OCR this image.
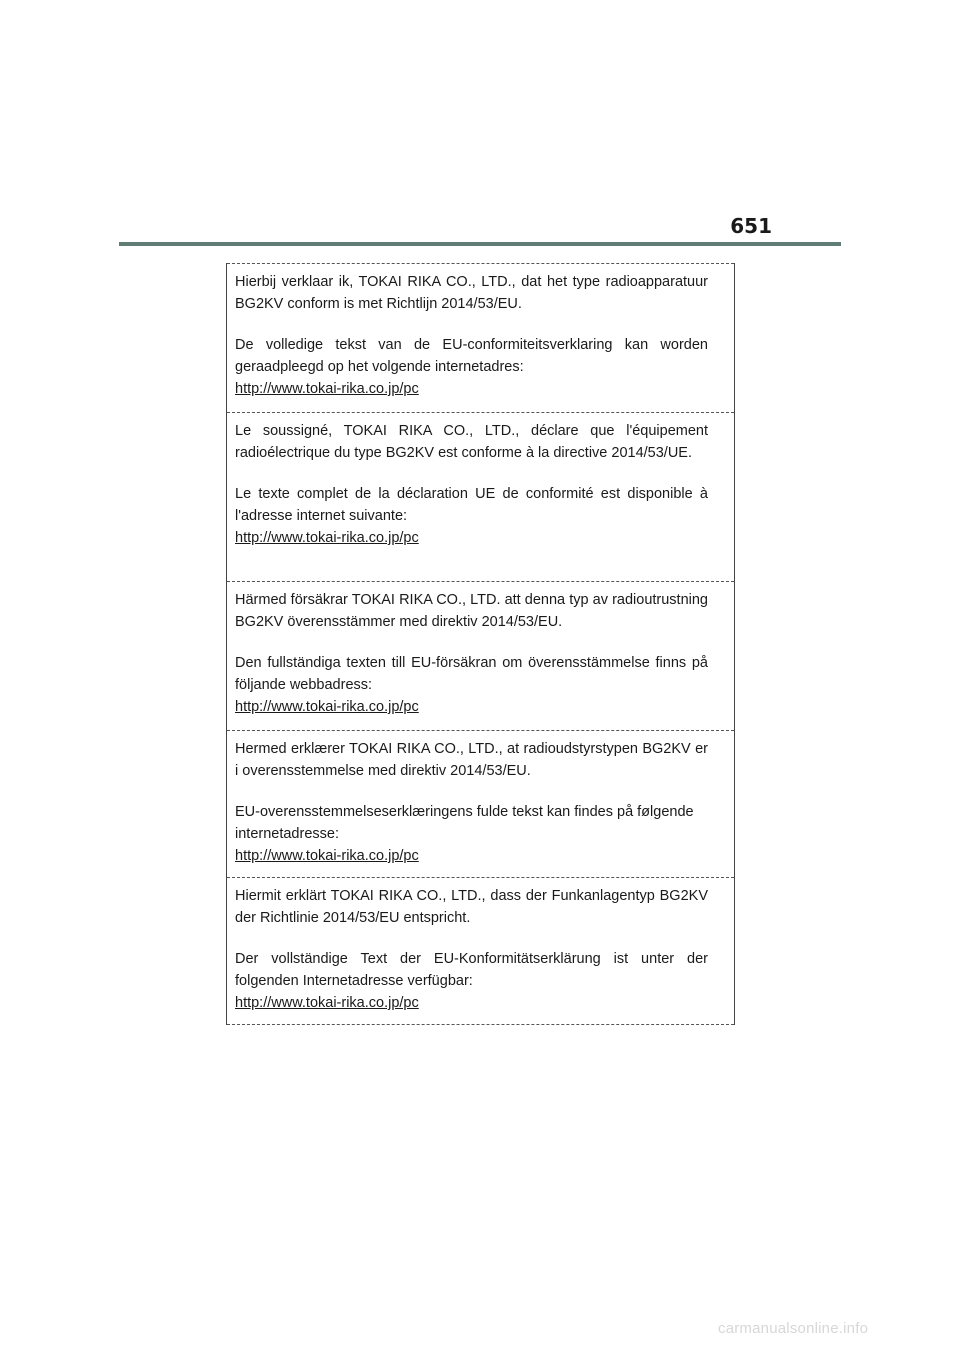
651

Hierbij verklaar ik, TOKAI RIKA CO., LTD., dat het type radioapparatuur BG2KV conform is met Richtlijn 2014/53/EU.

De volledige tekst van de EU-conformiteitsverklaring kan worden geraadpleegd op het volgende internetadres:

http://www.tokai-rika.co.jp/pc

Le soussigné, TOKAI RIKA CO., LTD., déclare que l'équipement radioélectrique du type BG2KV est conforme à la directive 2014/53/UE.

Le texte complet de la déclaration UE de conformité est disponible à l'adresse internet suivante:

http://www.tokai-rika.co.jp/pc

Härmed försäkrar TOKAI RIKA CO., LTD. att denna typ av radioutrustning BG2KV överensstämmer med direktiv 2014/53/EU.

Den fullständiga texten till EU-försäkran om överensstämmelse finns på följande webbadress:

http://www.tokai-rika.co.jp/pc

Hermed erklærer TOKAI RIKA CO., LTD., at radioudstyrstypen BG2KV er i overensstemmelse med direktiv 2014/53/EU.

EU-overensstemmelseserklæringens fulde tekst kan findes på følgende internetadresse:

http://www.tokai-rika.co.jp/pc

Hiermit erklärt TOKAI RIKA CO., LTD., dass der Funkanlagentyp BG2KV der Richtlinie 2014/53/EU entspricht.

Der vollständige Text der EU-Konformitätserklärung ist unter der folgenden Internetadresse verfügbar:

http://www.tokai-rika.co.jp/pc
carmanualsonline.info
